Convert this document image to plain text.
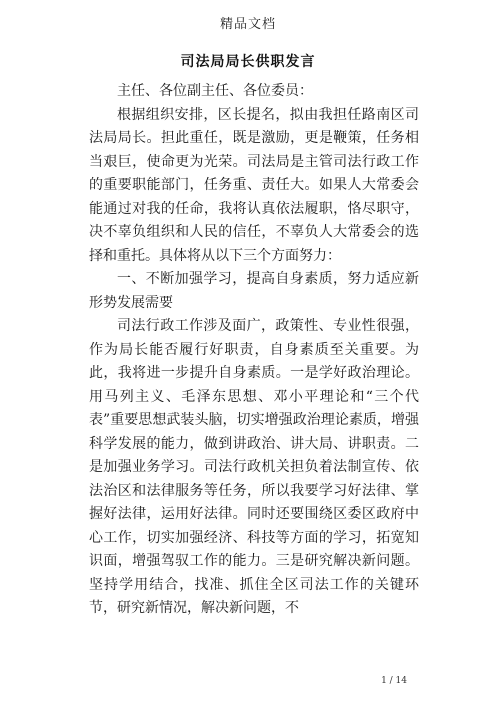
精品文档
司法局局长供职发言

主任、各位副主任、各位委员：

根据组织安排，区长提名，拟由我担任路南区司法局局长。担此重任，既是激励，更是鞭策，任务相当艰巨，使命更为光荣。司法局是主管司法行政工作的重要职能部门，任务重、责任大。如果人大常委会能通过对我的任命，我将认真依法履职，恪尽职守，决不辜负组织和人民的信任，不辜负人大常委会的选择和重托。具体将从以下三个方面努力：

一、不断加强学习，提高自身素质，努力适应新形势发展需要

司法行政工作涉及面广，政策性、专业性很强，作为局长能否履行好职责，自身素质至关重要。为此，我将进一步提升自身素质。一是学好政治理论。用马列主义、毛泽东思想、邓小平理论和“三个代表”重要思想武装头脑，切实增强政治理论素质，增强科学发展的能力，做到讲政治、讲大局、讲职责。二是加强业务学习。司法行政机关担负着法制宣传、依法治区和法律服务等任务，所以我要学习好法律、掌握好法律，运用好法律。同时还要围绕区委区政府中心工作，切实加强经济、科技等方面的学习，拓宽知识面，增强驾驭工作的能力。三是研究解决新问题。坚持学用结合，找准、抓住全区司法工作的关键环节，研究新情况，解决新问题，不

1 / 14
